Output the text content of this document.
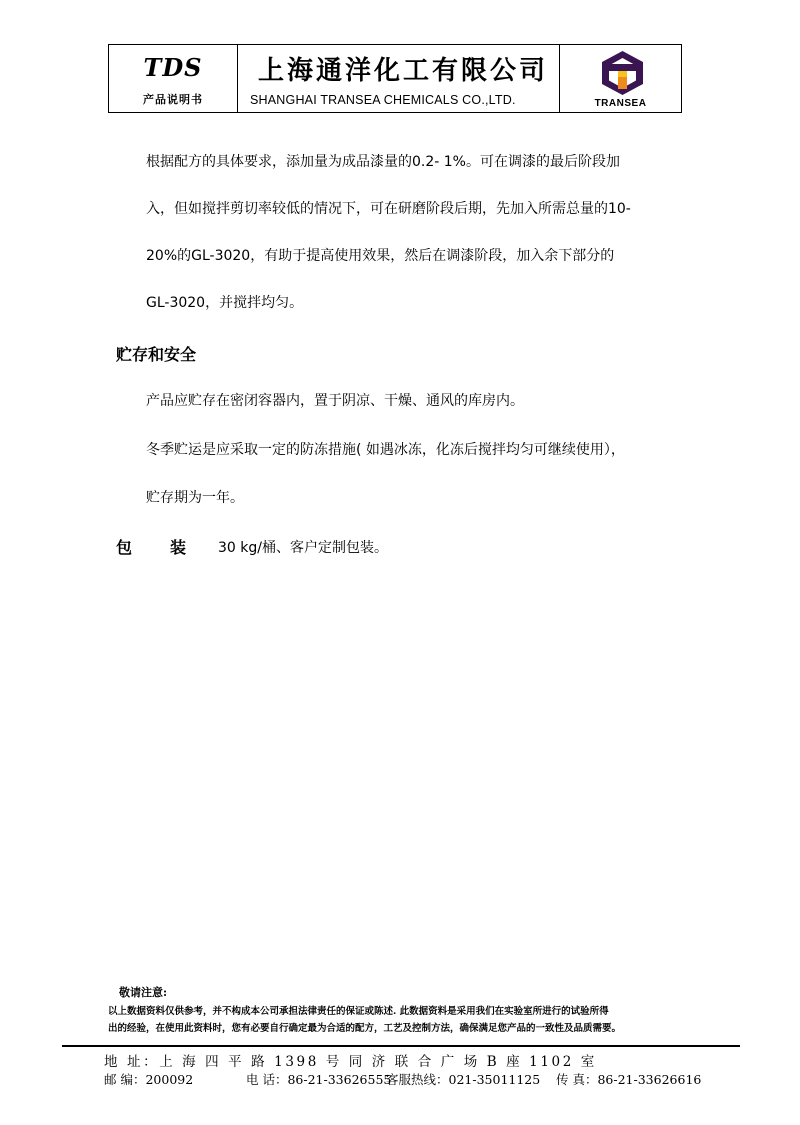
TDS
产品说明书
上海通洋化工有限公司
SHANGHAI TRANSEA CHEMICALS CO.,LTD.	TRANSEA
根据配方的具体要求，添加量为成品漆量的0.2- 1%。可在调漆的最后阶段加
入，但如搅拌剪切率较低的情况下，可在研磨阶段后期，先加入所需总量的10-
20%的GL-3020，有助于提高使用效果，然后在调漆阶段，加入余下部分的
GL-3020，并搅拌均匀。
贮存和安全
产品应贮存在密闭容器内，置于阴凉、干燥、通风的库房内。
冬季贮运是应采取一定的防冻措施( 如遇冰冻，化冻后搅拌均匀可继续使用），
贮存期为一年。
包装
30 kg/桶、客户定制包装。
敬请注意:
以上数据资料仅供参考，并不构成本公司承担法律责任的保证或陈述. 此数据资料是采用我们在实验室所进行的试验所得
出的经验，在使用此资料时，您有必要自行确定最为合适的配方，工艺及控制方法，确保满足您产品的一致性及品质需要。
地 址：上 海 四 平 路 1398 号 同 济 联 合 广 场 B 座 1102 室
邮 编：200092	电 话：86-21-33626555
客服热线：021-35011125 传 真：86-21-33626616
